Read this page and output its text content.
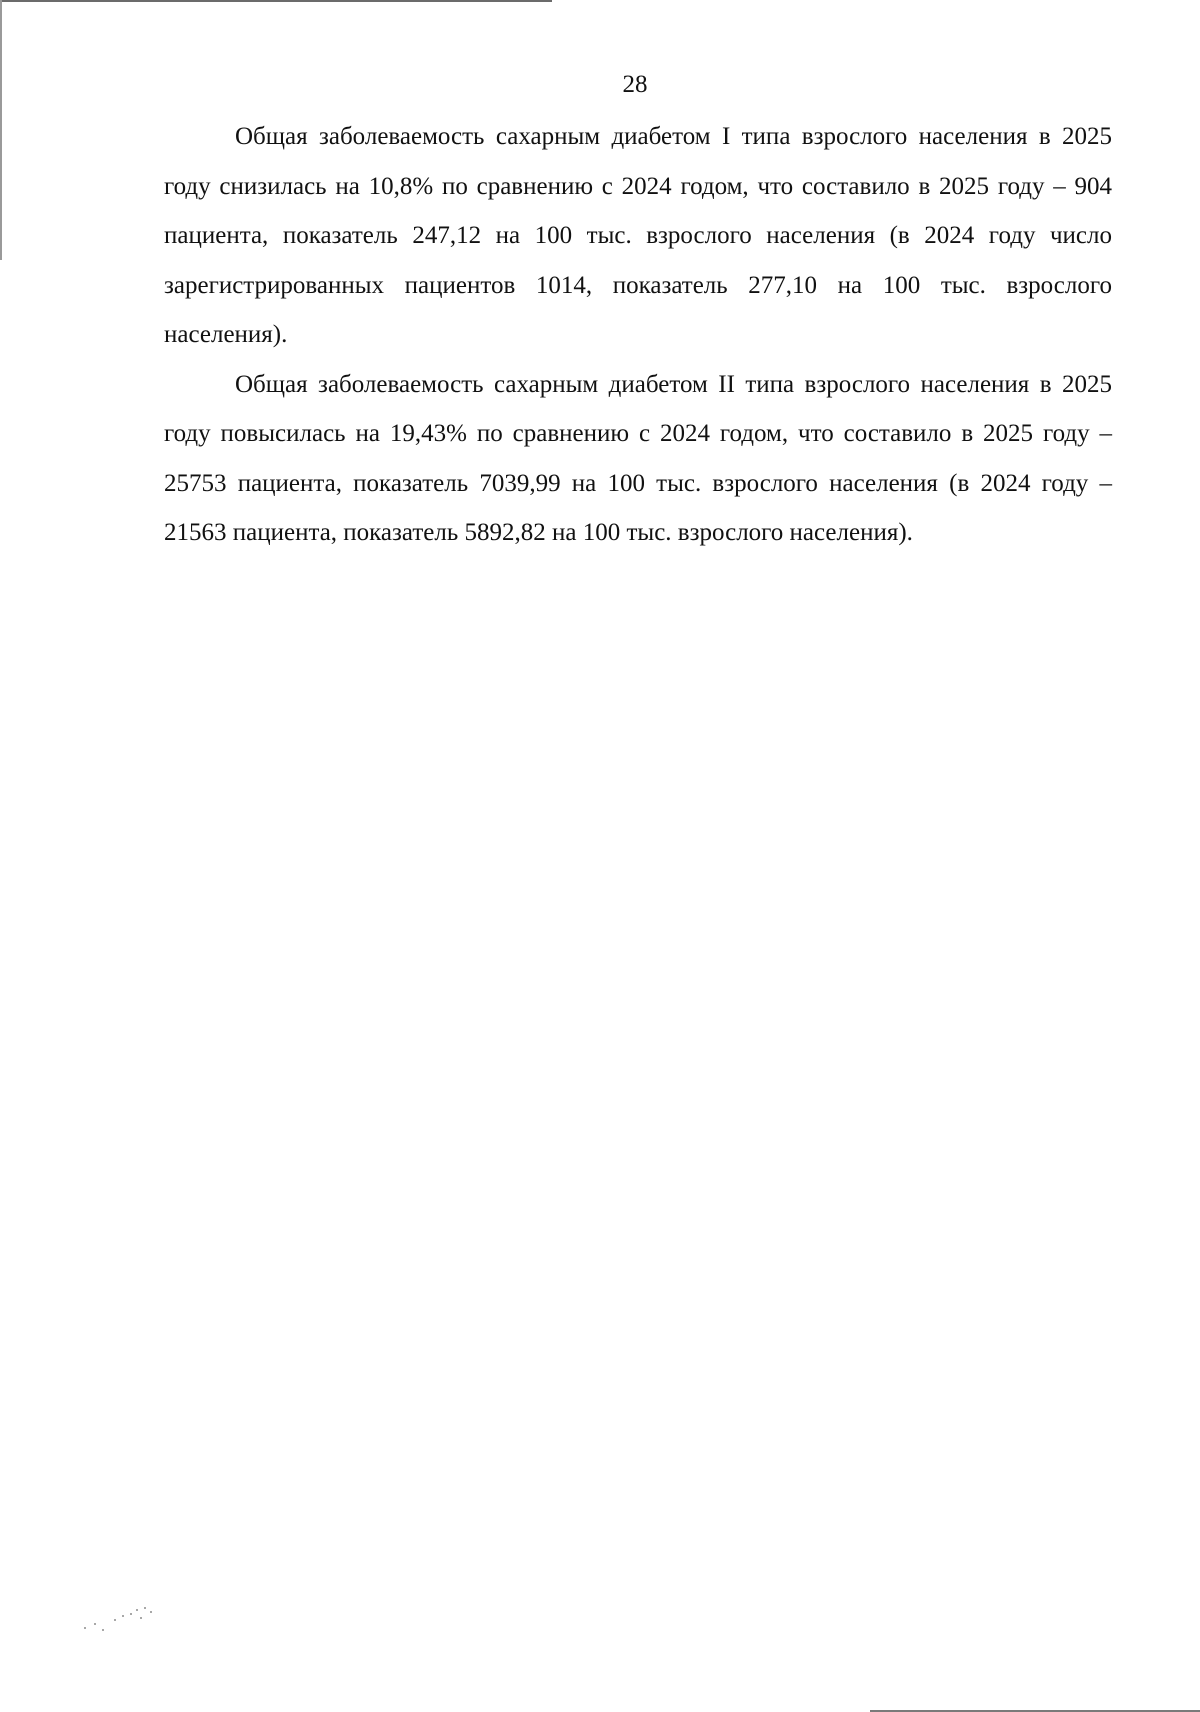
28

Общая заболеваемость сахарным диабетом I типа взрослого населения в 2025 году снизилась на 10,8% по сравнению с 2024 годом, что составило в 2025 году – 904 пациента, показатель 247,12 на 100 тыс. взрослого населения (в 2024 году число зарегистрированных пациентов 1014, показатель 277,10 на 100 тыс. взрослого населения).

Общая заболеваемость сахарным диабетом II типа взрослого населения в 2025 году повысилась на 19,43% по сравнению с 2024 годом, что составило в 2025 году – 25753 пациента, показатель 7039,99 на 100 тыс. взрослого населения (в 2024 году –21563 пациента, показатель 5892,82 на 100 тыс. взрослого населения).
